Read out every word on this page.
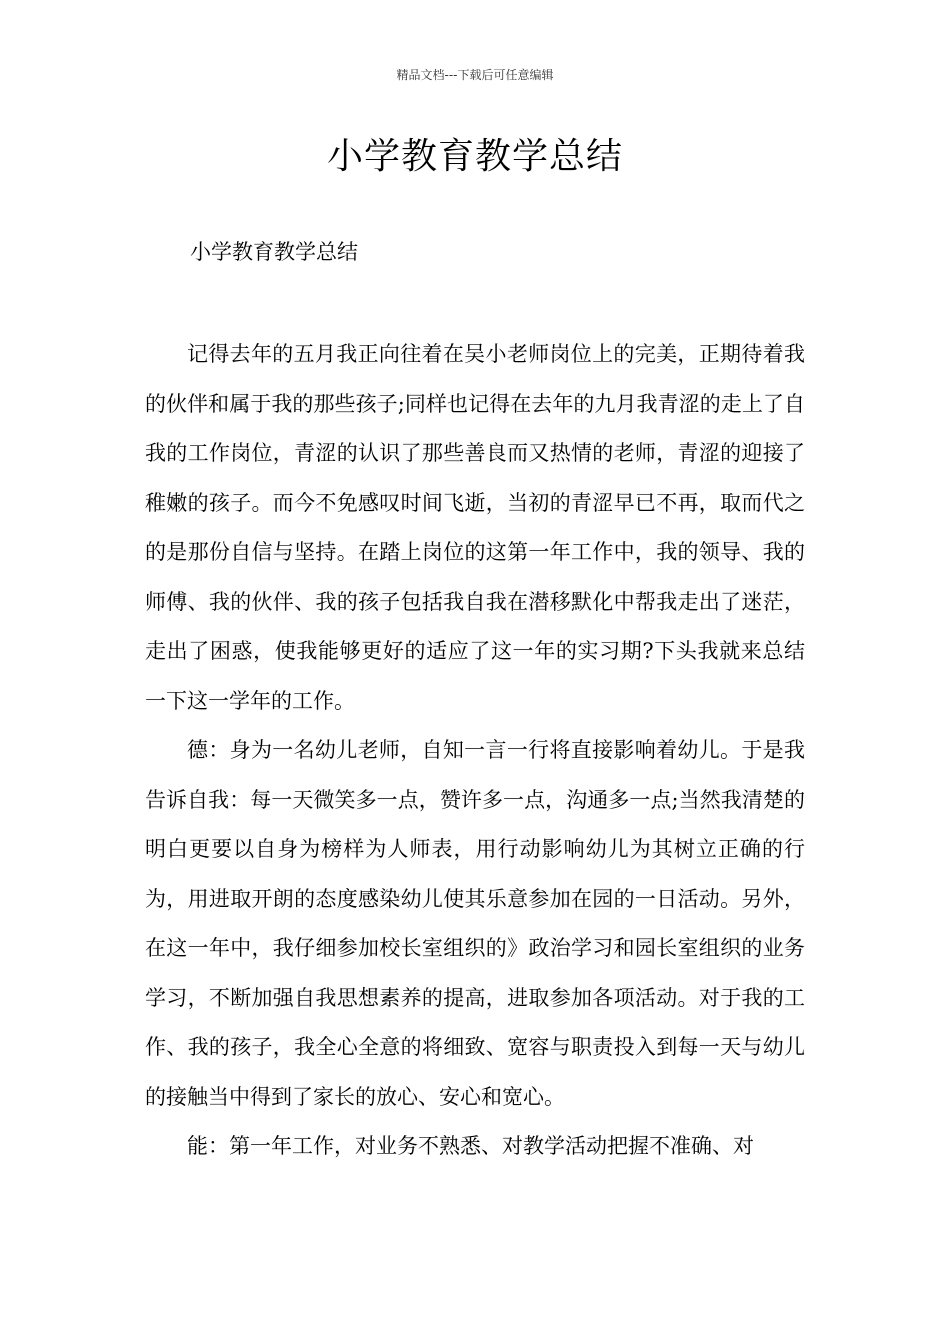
精品文档---下载后可任意编辑
小学教育教学总结
小学教育教学总结

记得去年的五月我正向往着在吴小老师岗位上的完美，正期待着我的伙伴和属于我的那些孩子;同样也记得在去年的九月我青涩的走上了自我的工作岗位，青涩的认识了那些善良而又热情的老师，青涩的迎接了稚嫩的孩子。而今不免感叹时间飞逝，当初的青涩早已不再，取而代之的是那份自信与坚持。在踏上岗位的这第一年工作中，我的领导、我的师傅、我的伙伴、我的孩子包括我自我在潜移默化中帮我走出了迷茫，走出了困惑，使我能够更好的适应了这一年的实习期?下头我就来总结一下这一学年的工作。

德：身为一名幼儿老师，自知一言一行将直接影响着幼儿。于是我告诉自我：每一天微笑多一点，赞许多一点，沟通多一点;当然我清楚的明白更要以自身为榜样为人师表，用行动影响幼儿为其树立正确的行为，用进取开朗的态度感染幼儿使其乐意参加在园的一日活动。另外，在这一年中，我仔细参加校长室组织的》政治学习和园长室组织的业务学习，不断加强自我思想素养的提高，进取参加各项活动。对于我的工作、我的孩子，我全心全意的将细致、宽容与职责投入到每一天与幼儿的接触当中得到了家长的放心、安心和宽心。

能：第一年工作，对业务不熟悉、对教学活动把握不准确、对
